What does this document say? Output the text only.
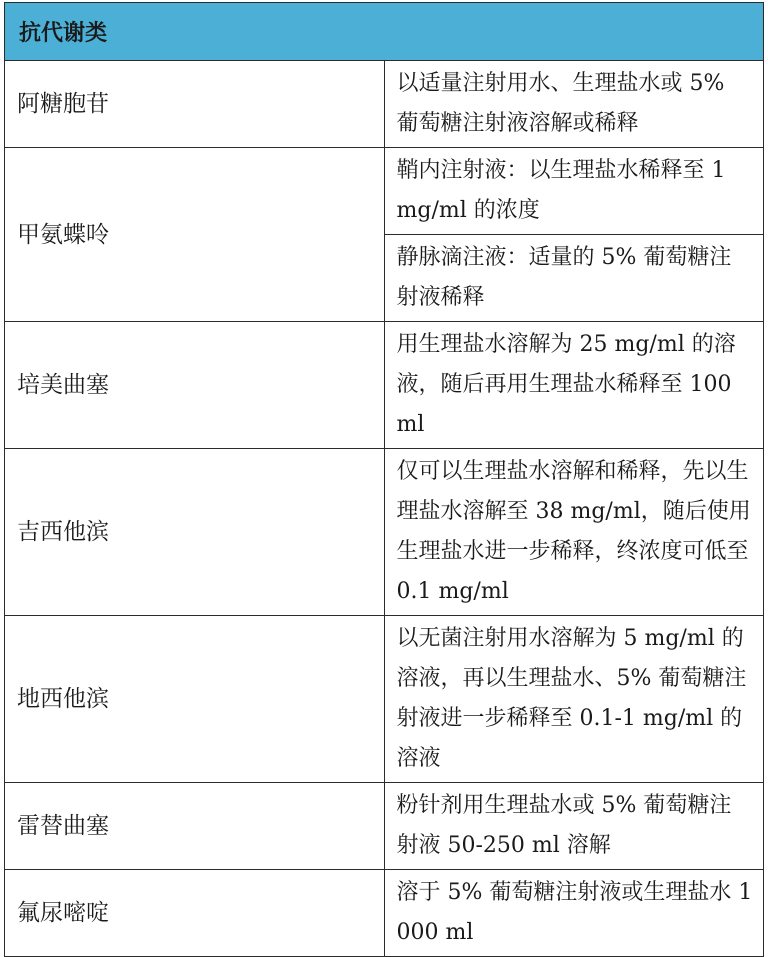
抗代谢类	
阿糖胞苷	以适量注射用水、生理盐水或 5% 葡萄糖注射液溶解或稀释
甲氨蝶呤	鞘内注射液：以生理盐水稀释至 1 mg/ml 的浓度
	静脉滴注液：适量的 5% 葡萄糖注射液稀释
培美曲塞	用生理盐水溶解为 25 mg/ml 的溶液，随后再用生理盐水稀释至 100 ml
吉西他滨	仅可以生理盐水溶解和稀释，先以生理盐水溶解至 38 mg/ml，随后使用生理盐水进一步稀释，终浓度可低至 0.1 mg/ml
地西他滨	以无菌注射用水溶解为 5 mg/ml 的溶液，再以生理盐水、5% 葡萄糖注射液进一步稀释至 0.1-1 mg/ml 的溶液
雷替曲塞	粉针剂用生理盐水或 5% 葡萄糖注射液 50-250 ml 溶解
氟尿嘧啶	溶于 5% 葡萄糖注射液或生理盐水 1000 ml
